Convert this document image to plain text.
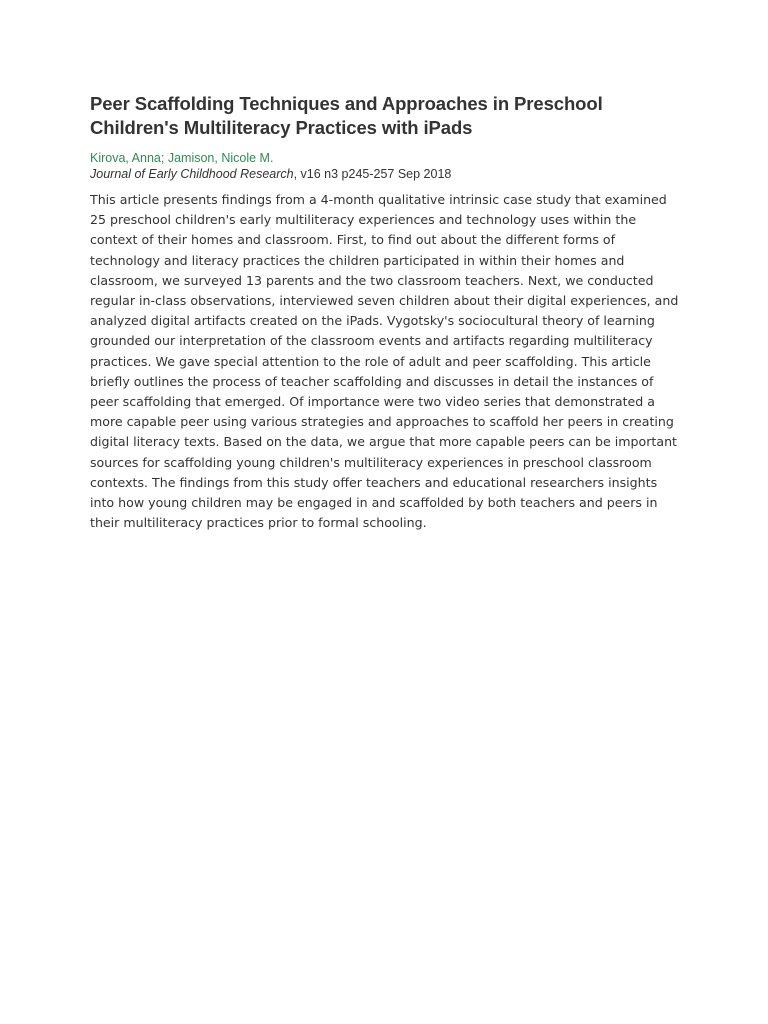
Peer Scaffolding Techniques and Approaches in Preschool Children's Multiliteracy Practices with iPads
Kirova, Anna; Jamison, Nicole M.
Journal of Early Childhood Research, v16 n3 p245-257 Sep 2018

This article presents findings from a 4-month qualitative intrinsic case study that examined 25 preschool children's early multiliteracy experiences and technology uses within the context of their homes and classroom. First, to find out about the different forms of technology and literacy practices the children participated in within their homes and classroom, we surveyed 13 parents and the two classroom teachers. Next, we conducted regular in-class observations, interviewed seven children about their digital experiences, and analyzed digital artifacts created on the iPads. Vygotsky's sociocultural theory of learning grounded our interpretation of the classroom events and artifacts regarding multiliteracy practices. We gave special attention to the role of adult and peer scaffolding. This article briefly outlines the process of teacher scaffolding and discusses in detail the instances of peer scaffolding that emerged. Of importance were two video series that demonstrated a more capable peer using various strategies and approaches to scaffold her peers in creating digital literacy texts. Based on the data, we argue that more capable peers can be important sources for scaffolding young children's multiliteracy experiences in preschool classroom contexts. The findings from this study offer teachers and educational researchers insights into how young children may be engaged in and scaffolded by both teachers and peers in their multiliteracy practices prior to formal schooling.
